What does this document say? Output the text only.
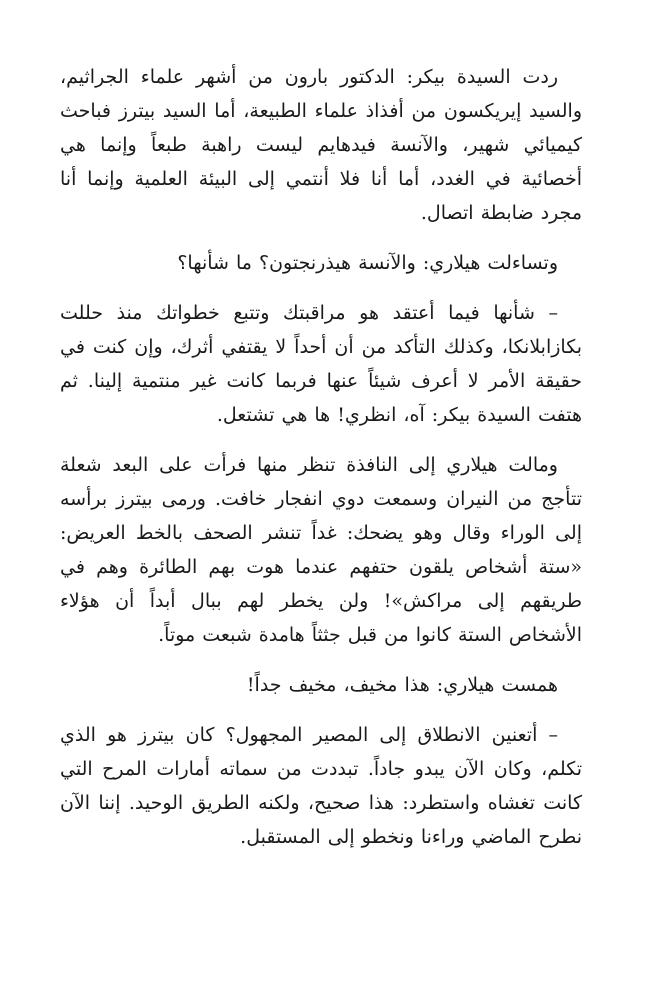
ردت السيدة بيكر: الدكتور بارون من أشهر علماء الجراثيم، والسيد إيريكسون من أفذاذ علماء الطبيعة، أما السيد بيترز فباحث كيميائي شهير، والآنسة فيدهايم ليست راهبة طبعاً وإنما هي أخصائية في الغدد، أما أنا فلا أنتمي إلى البيئة العلمية وإنما أنا مجرد ضابطة اتصال.

وتساءلت هيلاري: والآنسة هيذرنجتون؟ ما شأنها؟

– شأنها فيما أعتقد هو مراقبتك وتتبع خطواتك منذ حللت بكازابلانكا، وكذلك التأكد من أن أحداً لا يقتفي أثرك، وإن كنت في حقيقة الأمر لا أعرف شيئاً عنها فربما كانت غير منتمية إلينا. ثم هتفت السيدة بيكر: آه، انظري! ها هي تشتعل.

ومالت هيلاري إلى النافذة تنظر منها فرأت على البعد شعلة تتأجج من النيران وسمعت دوي انفجار خافت. ورمى بيترز برأسه إلى الوراء وقال وهو يضحك: غداً تنشر الصحف بالخط العريض: «ستة أشخاص يلقون حتفهم عندما هوت بهم الطائرة وهم في طريقهم إلى مراكش»! ولن يخطر لهم ببال أبداً أن هؤلاء الأشخاص الستة كانوا من قبل جثثاً هامدة شبعت موتاً.

همست هيلاري: هذا مخيف، مخيف جداً!

– أتعنين الانطلاق إلى المصير المجهول؟ كان بيترز هو الذي تكلم، وكان الآن يبدو جاداً. تبددت من سماته أمارات المرح التي كانت تغشاه واستطرد: هذا صحيح، ولكنه الطريق الوحيد. إننا الآن نطرح الماضي وراءنا ونخطو إلى المستقبل.
